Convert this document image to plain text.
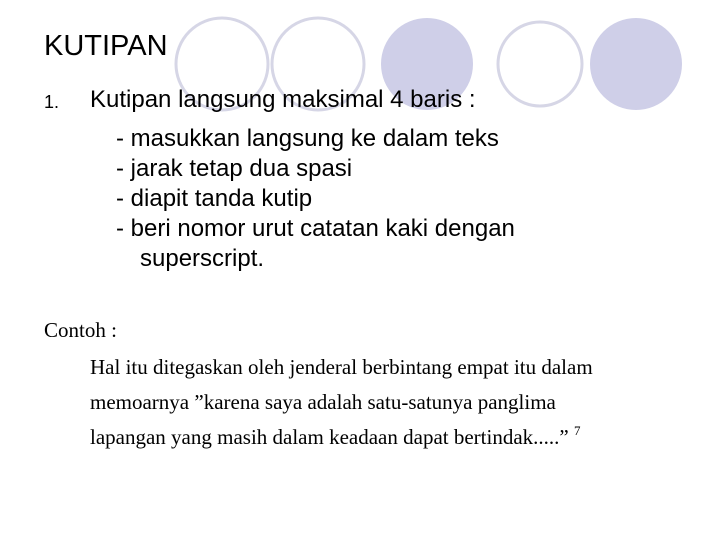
KUTIPAN
1. Kutipan langsung maksimal 4 baris :
- masukkan langsung ke dalam teks
- jarak tetap dua spasi
- diapit tanda kutip
- beri nomor urut catatan kaki dengan
superscript.
Contoh :
Hal itu ditegaskan oleh jenderal berbintang empat itu dalam
memoarnya ”karena saya adalah satu-satunya panglima
lapangan yang masih dalam keadaan dapat bertindak.....” $^7$
